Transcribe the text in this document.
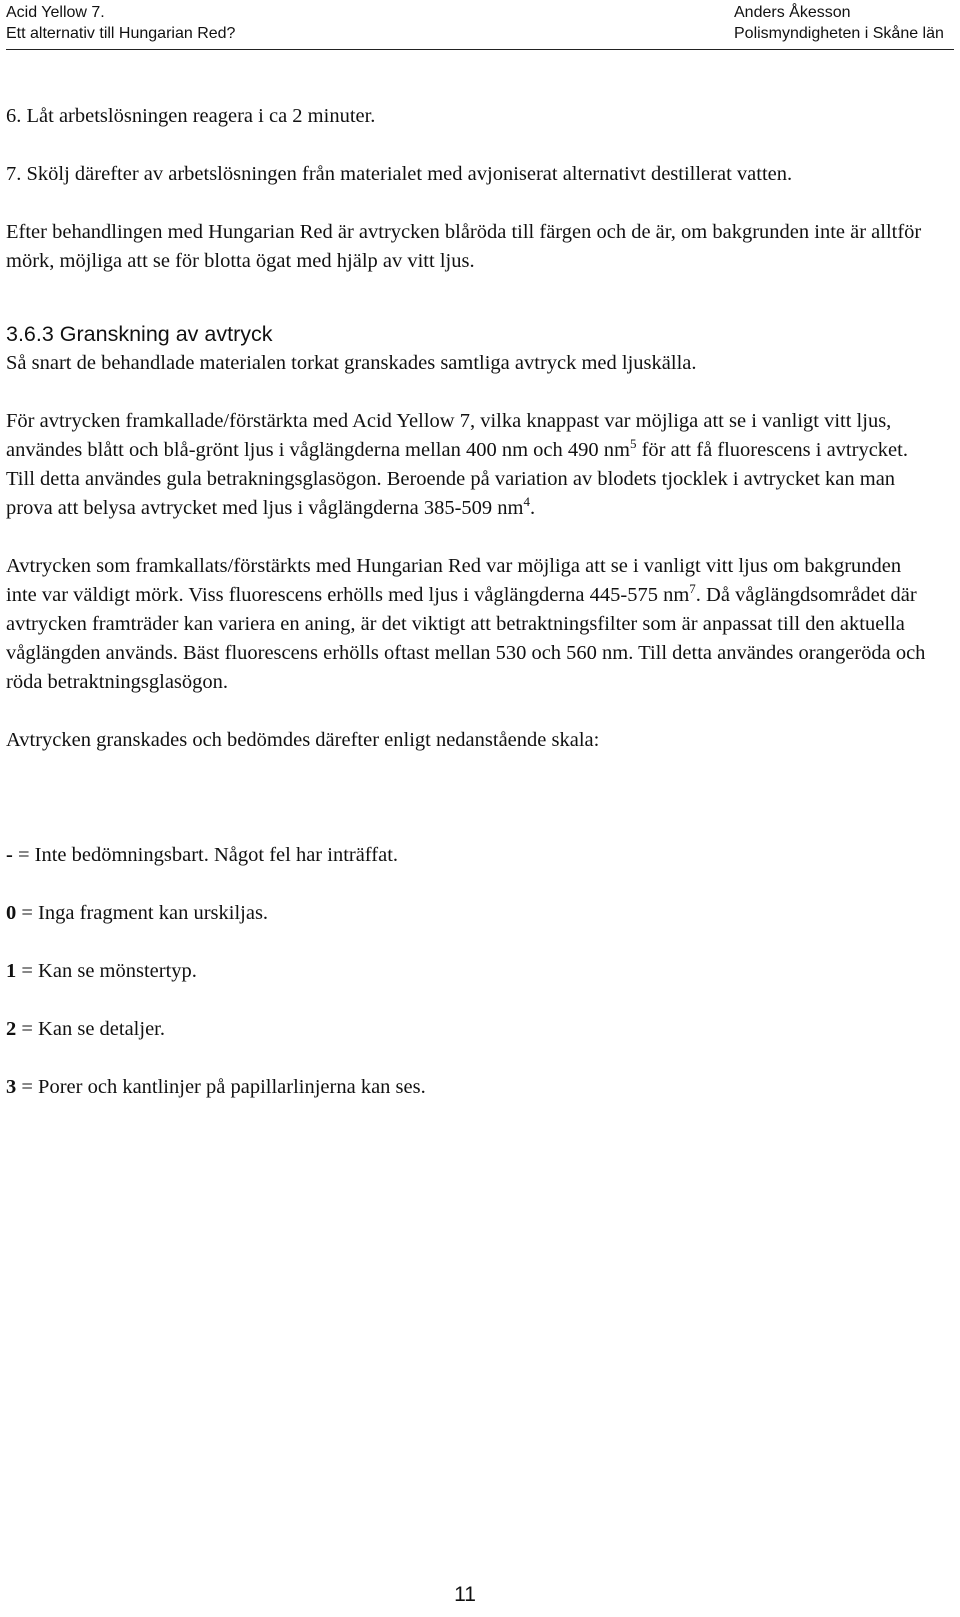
Acid Yellow 7.
Ett alternativ till Hungarian Red?
Anders Åkesson
Polismyndigheten i Skåne län

6. Låt arbetslösningen reagera i ca 2 minuter.

7. Skölj därefter av arbetslösningen från materialet med avjoniserat alternativt destillerat vatten.

Efter behandlingen med Hungarian Red är avtrycken blåröda till färgen och de är, om bakgrunden inte är alltför mörk, möjliga att se för blotta ögat med hjälp av vitt ljus.

3.6.3 Granskning av avtryck

Så snart de behandlade materialen torkat granskades samtliga avtryck med ljuskälla.

För avtrycken framkallade/förstärkta med Acid Yellow 7, vilka knappast var möjliga att se i vanligt vitt ljus, användes blått och blå-grönt ljus i våglängderna mellan 400 nm och 490 $nm^5$ för att få fluorescens i avtrycket. Till detta användes gula betrakningsglasögon. Beroende på variation av blodets tjocklek i avtrycket kan man prova att belysa avtrycket med ljus i våglängderna 385-509 $nm^4$.

Avtrycken som framkallats/förstärkts med Hungarian Red var möjliga att se i vanligt vitt ljus om bakgrunden inte var väldigt mörk. Viss fluorescens erhölls med ljus i våglängderna 445-575 $nm^7$. Då våglängdsområdet där avtrycken framträder kan variera en aning, är det viktigt att betraktningsfilter som är anpassat till den aktuella våglängden används. Bäst fluorescens erhölls oftast mellan 530 och 560 nm. Till detta användes orangeröda och röda betraktningsglasögon.

Avtrycken granskades och bedömdes därefter enligt nedanstående skala:

- = Inte bedömningsbart. Något fel har inträffat.

0 = Inga fragment kan urskiljas.

1 = Kan se mönstertyp.

2 = Kan se detaljer.

3 = Porer och kantlinjer på papillarlinjerna kan ses.

11
